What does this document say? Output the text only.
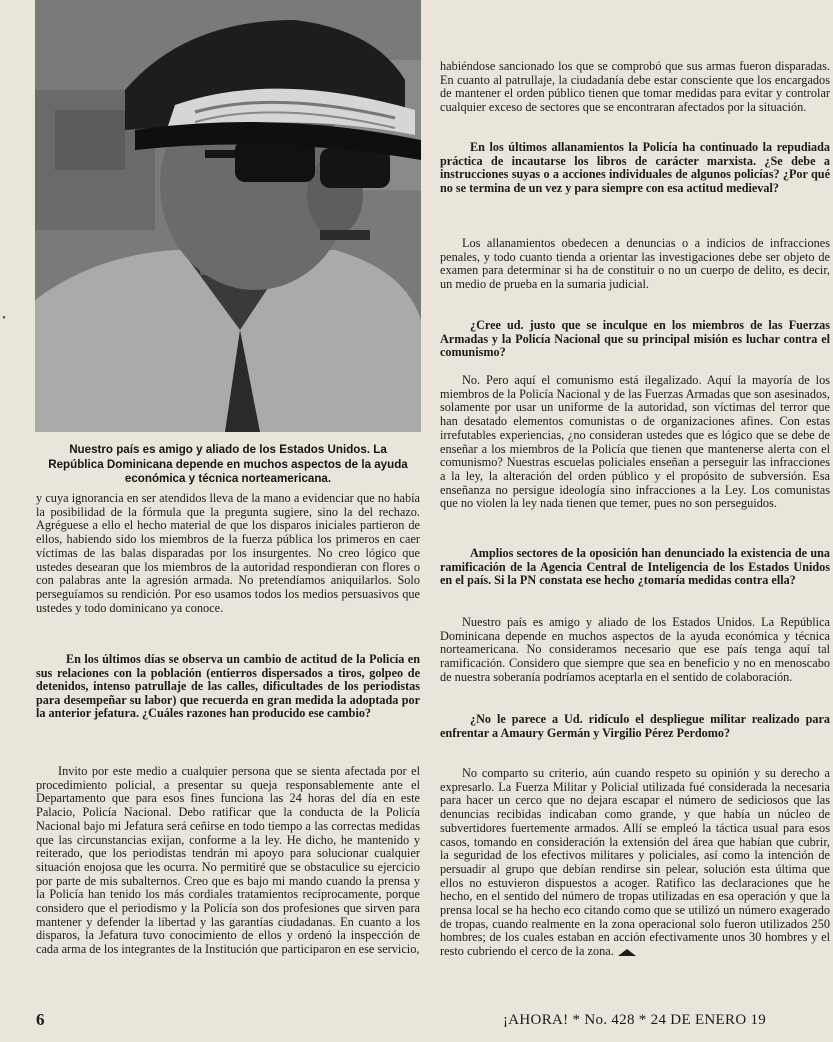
Nuestro país es amigo y aliado de los Estados Unidos. La República Dominicana depende en muchos aspectos de la ayuda económica y técnica norteamericana.

y cuya ignorancia en ser atendidos lleva de la mano a evidenciar que no había la posibilidad de la fórmula que la pregunta sugiere, sino la del rechazo. Agréguese a ello el hecho material de que los disparos iniciales partieron de ellos, habiendo sido los miembros de la fuerza pública los primeros en caer víctimas de las balas disparadas por los insurgentes. No creo lógico que ustedes desearan que los miembros de la autoridad respondieran con flores o con palabras ante la agresión armada. No pretendíamos aniquilarlos. Solo perseguíamos su rendición. Por eso usamos todos los medios persuasivos que ustedes y todo dominicano ya conoce.

En los últimos días se observa un cambio de actitud de la Policía en sus relaciones con la población (entierros dispersados a tiros, golpeo de detenidos, intenso patrullaje de las calles, dificultades de los periodistas para desempeñar su labor) que recuerda en gran medida la adoptada por la anterior jefatura. ¿Cuáles razones han producido ese cambio?
Invito por este medio a cualquier persona que se sienta afectada por el procedimiento policial, a presentar su queja responsablemente ante el Departamento que para esos fines funciona las 24 horas del día en este Palacio, Policía Nacional. Debo ratificar que la conducta de la Policía Nacional bajo mi Jefatura será ceñirse en todo tiempo a las correctas medidas que las circunstancias exijan, conforme a la ley. He dicho, he mantenido y reiterado, que los periodistas tendrán mi apoyo para solucionar cualquier situación enojosa que les ocurra. No permitiré que se obstaculice su ejercicio por parte de mis subalternos. Creo que es bajo mi mando cuando la prensa y la Policía han tenido los más cordiales tratamientos recíprocamente, porque considero que el periodismo y la Policía son dos profesiones que sirven para mantener y defender la libertad y las garantías ciudadanas. En cuanto a los disparos, la Jefatura tuvo conocimiento de ellos y ordenó la inspección de cada arma de los integrantes de la Institución que participaron en ese servicio,
habiéndose sancionado los que se comprobó que sus armas fueron disparadas. En cuanto al patrullaje, la ciudadanía debe estar consciente que los encargados de mantener el orden público tienen que tomar medidas para evitar y controlar cualquier exceso de sectores que se encontraran afectados por la situación.
En los últimos allanamientos la Policía ha continuado la repudiada práctica de incautarse los libros de carácter marxista. ¿Se debe a instrucciones suyas o a acciones individuales de algunos policías? ¿Por qué no se termina de un vez y para siempre con esa actitud medieval?
Los allanamientos obedecen a denuncias o a indicios de infracciones penales, y todo cuanto tienda a orientar las investigaciones debe ser objeto de examen para determinar si ha de constituir o no un cuerpo de delito, es decir, un medio de prueba en la sumaria judicial.
¿Cree ud. justo que se inculque en los miembros de las Fuerzas Armadas y la Policía Nacional que su principal misión es luchar contra el comunismo?
No. Pero aquí el comunismo está ilegalizado. Aquí la mayoría de los miembros de la Policía Nacional y de las Fuerzas Armadas que son asesinados, solamente por usar un uniforme de la autoridad, son víctimas del terror que han desatado elementos comunistas o de organizaciones afines. Con estas irrefutables experiencias, ¿no consideran ustedes que es lógico que se debe de enseñar a los miembros de la Policía que tienen que mantenerse alerta con el comunismo? Nuestras escuelas policiales enseñan a perseguir las infracciones a la ley, la alteración del orden público y el propósito de subversión. Esa enseñanza no persigue ideología sino infracciones a la Ley. Los comunistas que no violen la ley nada tienen que temer, pues no son perseguidos.
Amplios sectores de la oposición han denunciado la existencia de una ramificación de la Agencia Central de Inteligencia de los Estados Unidos en el país. Si la PN constata ese hecho ¿tomaría medidas contra ella?
Nuestro país es amigo y aliado de los Estados Unidos. La República Dominicana depende en muchos aspectos de la ayuda económica y técnica norteamericana. No consideramos necesario que ese país tenga aquí tal ramificación. Considero que siempre que sea en beneficio y no en menoscabo de nuestra soberanía podríamos aceptarla en el sentido de colaboración.
¿No le parece a Ud. ridículo el despliegue militar realizado para enfrentar a Amaury Germán y Virgilio Pérez Perdomo?
No comparto su criterio, aún cuando respeto su opinión y su derecho a expresarlo. La Fuerza Militar y Policial utilizada fué considerada la necesaria para hacer un cerco que no dejara escapar el número de sediciosos que las denuncias recibidas indicaban como grande, y que había un núcleo de subvertidores fuertemente armados. Allí se empleó la táctica usual para esos casos, tomando en consideración la extensión del área que habían que cubrir, la seguridad de los efectivos militares y policiales, así como la intención de persuadir al grupo que debían rendirse sin pelear, solución esta última que ellos no estuvieron dispuestos a acoger. Ratifico las declaraciones que he hecho, en el sentido del número de tropas utilizadas en esa operación y que la prensa local se ha hecho eco citando como que se utilizó un número exagerado de tropas, cuando realmente en la zona operacional solo fueron utilizados 250 hombres; de los cuales estaban en acción efectivamente unos 30 hombres y el resto cubriendo el cerco de la zona.
•
6	¡AHORA! * No. 428 * 24 DE ENERO 19
